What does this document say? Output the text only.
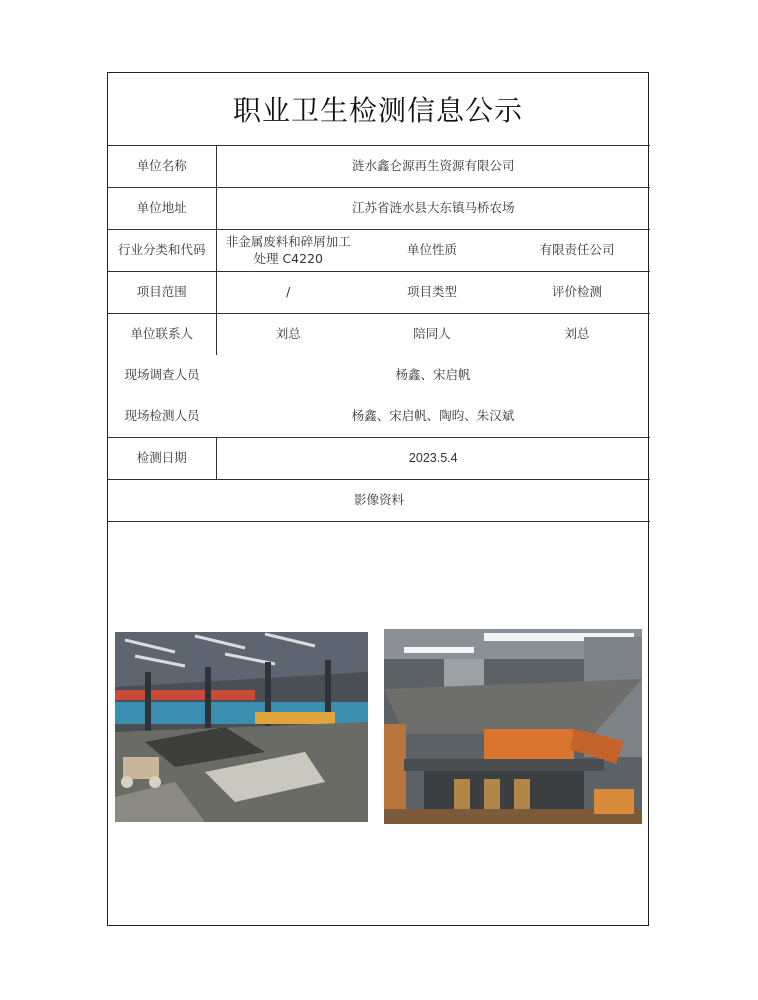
职业卫生检测信息公示
单位名称	涟水鑫仑源再生资源有限公司		
单位地址	江苏省涟水县大东镇马桥农场		
行业分类和代码	非金属废料和碎屑加工处理 C4220	单位性质	有限责任公司
项目范围	/	项目类型	评价检测
单位联系人	刘总	陪同人	刘总
现场调查人员	杨鑫、宋启帆		
现场检测人员	杨鑫、宋启帆、陶昀、朱汉斌		
检测日期	2023.5.4		
影像资料			
